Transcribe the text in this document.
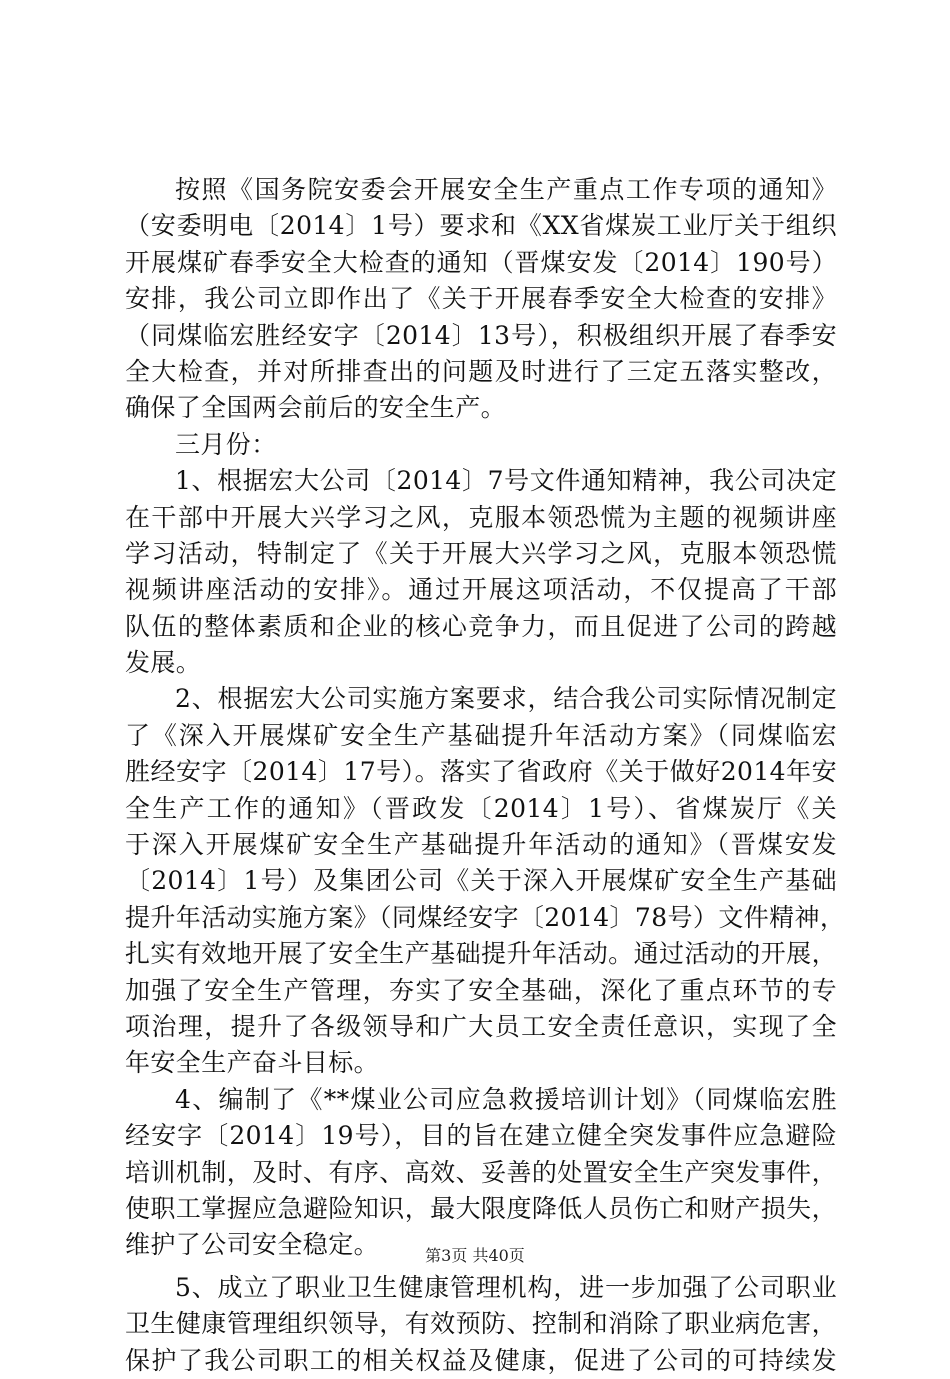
按照《国务院安委会开展安全生产重点工作专项的通知》
（安委明电〔2014〕1号）要求和《XX省煤炭工业厅关于组织
开展煤矿春季安全大检查的通知（晋煤安发〔2014〕190号）
安排，我公司立即作出了《关于开展春季安全大检查的安排》
（同煤临宏胜经安字〔2014〕13号），积极组织开展了春季安
全大检查，并对所排查出的问题及时进行了三定五落实整改，
确保了全国两会前后的安全生产。
三月份：
1、根据宏大公司〔2014〕7号文件通知精神，我公司决定
在干部中开展大兴学习之风，克服本领恐慌为主题的视频讲座
学习活动，特制定了《关于开展大兴学习之风，克服本领恐慌
视频讲座活动的安排》。通过开展这项活动，不仅提高了干部
队伍的整体素质和企业的核心竞争力，而且促进了公司的跨越
发展。
2、根据宏大公司实施方案要求，结合我公司实际情况制定
了《深入开展煤矿安全生产基础提升年活动方案》（同煤临宏
胜经安字〔2014〕17号）。落实了省政府《关于做好2014年安
全生产工作的通知》（晋政发〔2014〕1号）、省煤炭厅《关
于深入开展煤矿安全生产基础提升年活动的通知》（晋煤安发
〔2014〕1号）及集团公司《关于深入开展煤矿安全生产基础
提升年活动实施方案》（同煤经安字〔2014〕78号）文件精神，
扎实有效地开展了安全生产基础提升年活动。通过活动的开展，
加强了安全生产管理，夯实了安全基础，深化了重点环节的专
项治理，提升了各级领导和广大员工安全责任意识，实现了全
年安全生产奋斗目标。
4、编制了《**煤业公司应急救援培训计划》（同煤临宏胜
经安字〔2014〕19号），目的旨在建立健全突发事件应急避险
培训机制，及时、有序、高效、妥善的处置安全生产突发事件，
使职工掌握应急避险知识，最大限度降低人员伤亡和财产损失，
维护了公司安全稳定。
5、成立了职业卫生健康管理机构，进一步加强了公司职业
卫生健康管理组织领导，有效预防、控制和消除了职业病危害，
保护了我公司职工的相关权益及健康，促进了公司的可持续发
第3页 共40页
